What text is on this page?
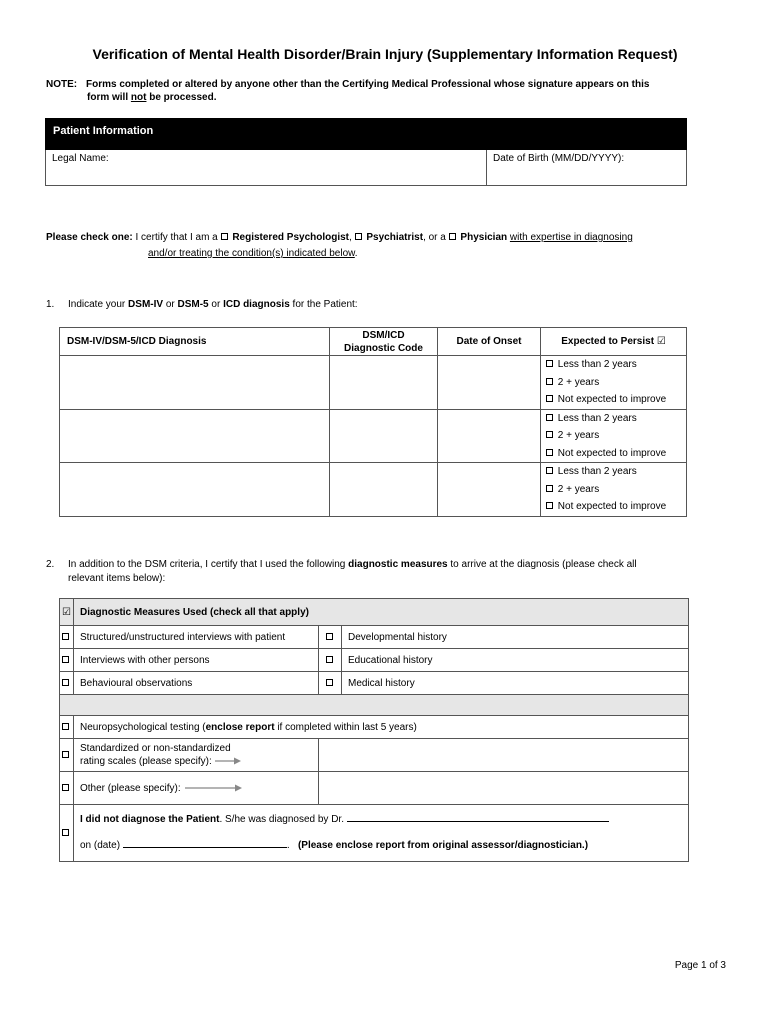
Verification of Mental Health Disorder/Brain Injury (Supplementary Information Request)
NOTE: Forms completed or altered by anyone other than the Certifying Medical Professional whose signature appears on this
form will not be processed.
Patient Information
Legal Name:	Date of Birth (MM/DD/YYYY):
Please check one: I certify that I am a  Registered Psychologist,  Psychiatrist, or a  Physician with expertise in diagnosing
and/or treating the condition(s) indicated below.
1. Indicate your DSM-IV or DSM-5 or ICD diagnosis for the Patient:
DSM-IV/DSM-5/ICD Diagnosis	DSM/ICD
Diagnostic Code	Date of Onset	Expected to Persist ☑

			Less than 2 years
2 + years
Not expected to improve

			Less than 2 years
2 + years
Not expected to improve

			Less than 2 years
2 + years
Not expected to improve
2. In addition to the DSM criteria, I certify that I used the following diagnostic measures to arrive at the diagnosis (please check all
relevant items below):
☑	Diagnostic Measures Used (check all that apply)		
	Structured/unstructured interviews with patient		Developmental history
	Interviews with other persons		Educational history
	Behavioural observations		Medical history

	Neuropsychological testing (enclose report if completed within last 5 years)		
	Standardized or non-standardized
rating scales (please specify):		
	Other (please specify):		

	I did not diagnose the Patient. S/he was diagnosed by Dr.
on (date) . (Please enclose report from original assessor/diagnostician.)		
Page 1 of 3
